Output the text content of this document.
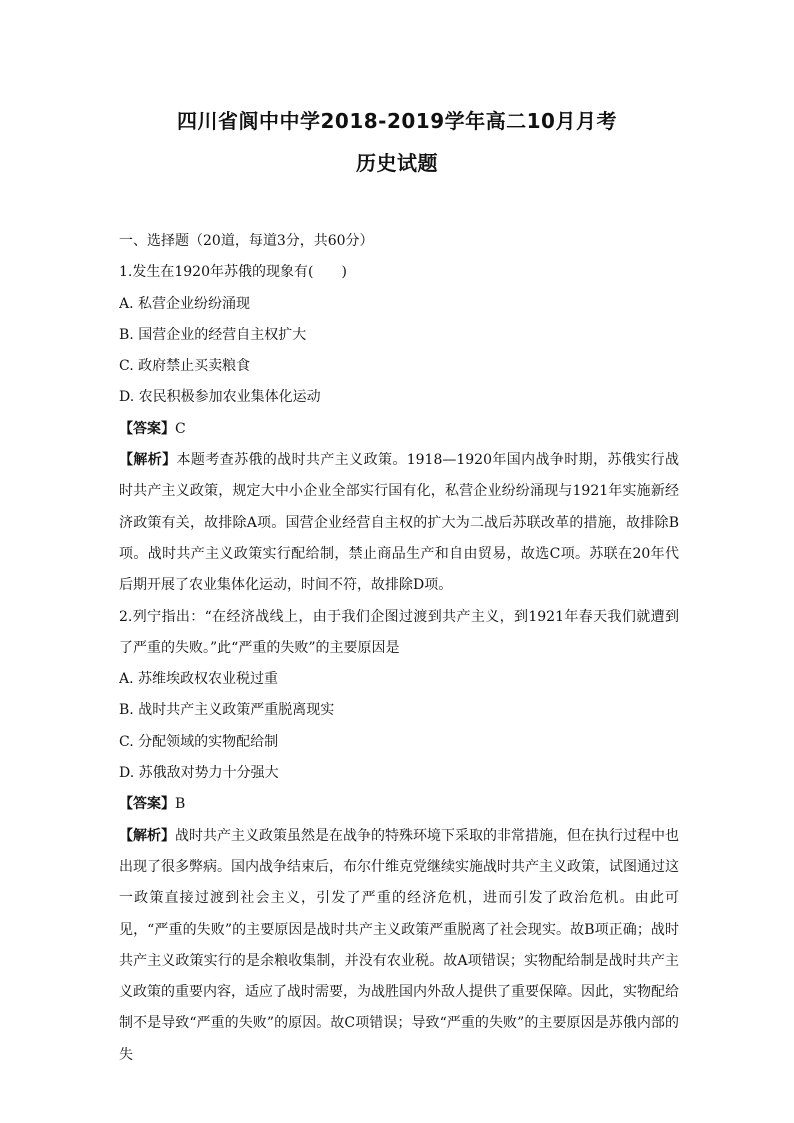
四川省阆中中学2018-2019学年高二10月月考
历史试题
一、选择题（20道，每道3分，共60分）
1.发生在1920年苏俄的现象有(　　)
A. 私营企业纷纷涌现
B. 国营企业的经营自主权扩大
C. 政府禁止买卖粮食
D. 农民积极参加农业集体化运动
【答案】C

【解析】本题考查苏俄的战时共产主义政策。1918—1920年国内战争时期，苏俄实行战时共产主义政策，规定大中小企业全部实行国有化，私营企业纷纷涌现与1921年实施新经济政策有关，故排除A项。国营企业经营自主权的扩大为二战后苏联改革的措施，故排除B项。战时共产主义政策实行配给制，禁止商品生产和自由贸易，故选C项。苏联在20年代后期开展了农业集体化运动，时间不符，故排除D项。

2.列宁指出：“在经济战线上，由于我们企图过渡到共产主义，到1921年春天我们就遭到了严重的失败。”此“严重的失败”的主要原因是

A. 苏维埃政权农业税过重
B. 战时共产主义政策严重脱离现实
C. 分配领域的实物配给制
D. 苏俄敌对势力十分强大
【答案】B

【解析】战时共产主义政策虽然是在战争的特殊环境下采取的非常措施，但在执行过程中也出现了很多弊病。国内战争结束后，布尔什维克党继续实施战时共产主义政策，试图通过这一政策直接过渡到社会主义，引发了严重的经济危机，进而引发了政治危机。由此可见，“严重的失败”的主要原因是战时共产主义政策严重脱离了社会现实。故B项正确；战时共产主义政策实行的是余粮收集制，并没有农业税。故A项错误；实物配给制是战时共产主义政策的重要内容，适应了战时需要，为战胜国内外敌人提供了重要保障。因此，实物配给制不是导致“严重的失败”的原因。故C项错误；导致“严重的失败”的主要原因是苏俄内部的失
